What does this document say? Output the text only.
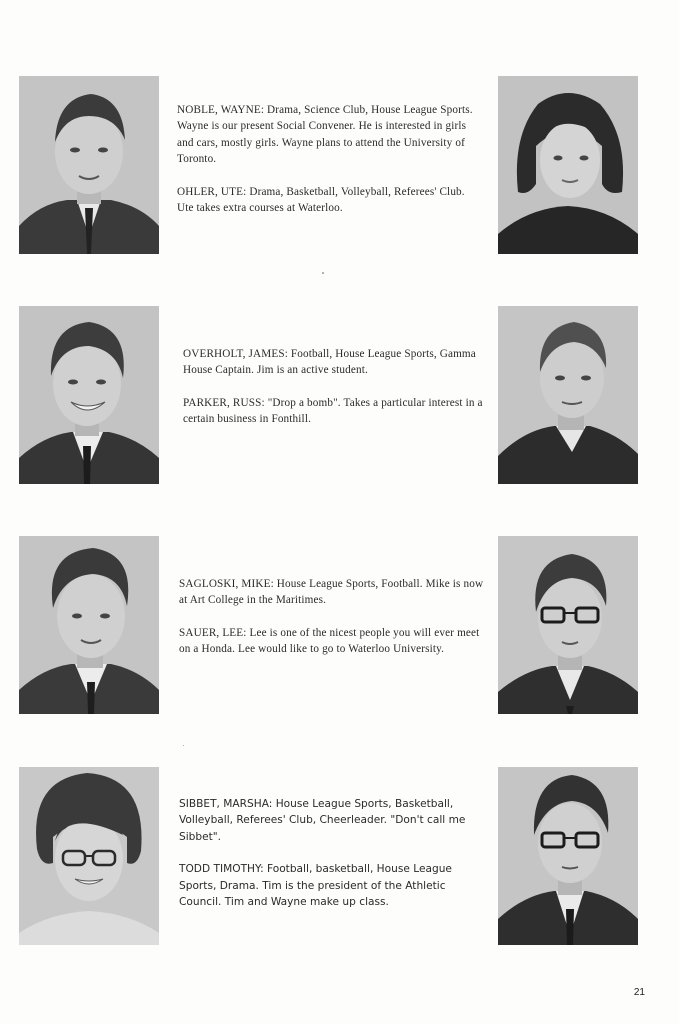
NOBLE, WAYNE: Drama, Science Club, House League Sports. Wayne is our present Social Convener. He is interested in girls and cars, mostly girls. Wayne plans to attend the University of Toronto.

OHLER, UTE: Drama, Basketball, Volleyball, Referees' Club. Ute takes extra courses at Waterloo.

OVERHOLT, JAMES: Football, House League Sports, Gamma House Captain. Jim is an active student.

PARKER, RUSS: "Drop a bomb". Takes a particular interest in a certain business in Fonthill.

SAGLOSKI, MIKE: House League Sports, Football. Mike is now at Art College in the Maritimes.

SAUER, LEE: Lee is one of the nicest people you will ever meet on a Honda. Lee would like to go to Waterloo University.

SIBBET, MARSHA: House League Sports, Basketball, Volleyball, Referees' Club, Cheerleader. "Don't call me Sibbet".

TODD TIMOTHY: Football, basketball, House League Sports, Drama. Tim is the president of the Athletic Council. Tim and Wayne make up class.

21
